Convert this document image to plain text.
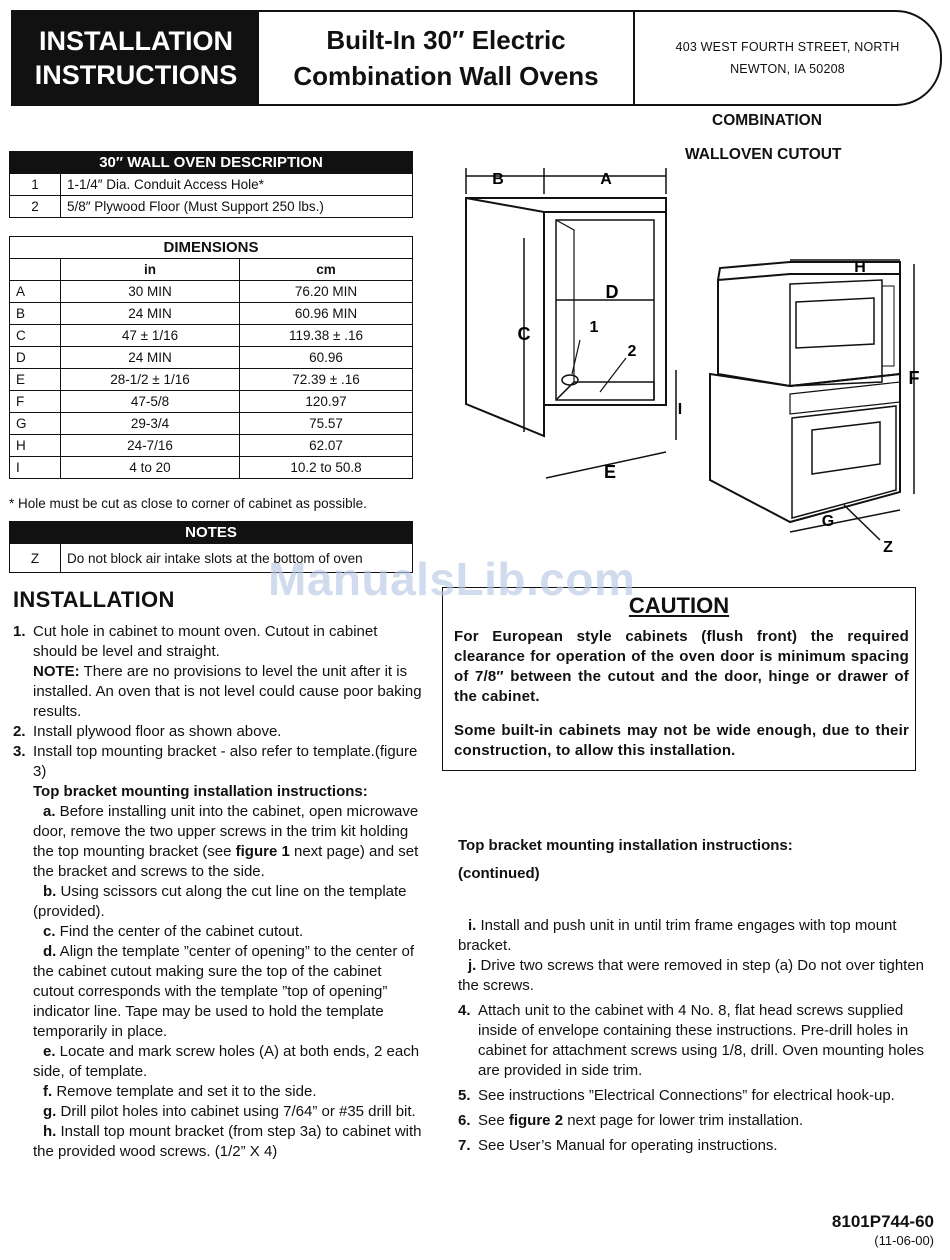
INSTALLATION
INSTRUCTIONS
Built-In 30″ Electric
Combination Wall Ovens
403 WEST FOURTH STREET, NORTH
NEWTON, IA 50208
30″ WALL OVEN DESCRIPTION	
1	1-1/4″ Dia. Conduit Access Hole*
2	5/8″ Plywood Floor (Must Support 250 lbs.)
DIMENSIONS		
	in	cm
A	30 MIN	76.20 MIN
B	24 MIN	60.96 MIN
C	47 ± 1/16	119.38 ± .16
D	24 MIN	60.96
E	28-1/2 ± 1/16	72.39 ± .16
F	47-5/8	120.97
G	29-3/4	75.57
H	24-7/16	62.07
I	4 to 20	10.2 to 50.8
* Hole must be cut as close to corner of cabinet as possible.
NOTES
Z	Do not block air intake slots at the bottom of oven
COMBINATION
WALLOVEN CUTOUT
B	A
C
D
E
I
1
2
H
F
G
Z
INSTALLATION
1. Cut hole in cabinet to mount oven. Cutout in cabinet should be level and straight.
NOTE: There are no provisions to level the unit after it is installed. An oven that is not level could cause poor baking results.
2. Install plywood floor as shown above.
3. Install top mounting bracket - also refer to template.(figure 3)
Top bracket mounting installation instructions:
a. Before installing unit into the cabinet, open microwave door, remove the two upper screws in the trim kit holding the top mounting bracket (see figure 1 next page) and set the bracket and screws to the side.
b. Using scissors cut along the cut line on the template (provided).
c. Find the center of the cabinet cutout.
d. Align the template ”center of opening” to the center of the cabinet cutout making sure the top of the cabinet cutout corresponds with the template ”top of opening” indicator line. Tape may be used to hold the template temporarily in place.
e. Locate and mark screw holes (A) at both ends, 2 each side, of template.
f. Remove template and set it to the side.
g. Drill pilot holes into cabinet using 7/64” or #35 drill bit.
h. Install top mount bracket (from step 3a) to cabinet with the provided wood screws. (1/2” X 4)
CAUTION

For European style cabinets (flush front) the required clearance for operation of the oven door is minimum spacing of 7/8″ between the cutout and the door, hinge or drawer of the cabinet.

Some built-in cabinets may not be wide enough, due to their construction, to allow this installation.

Top bracket mounting installation instructions:
(continued)
i. Install and push unit in until trim frame engages with top mount bracket.
j. Drive two screws that were removed in step (a) Do not over tighten the screws.
4. Attach unit to the cabinet with 4 No. 8, flat head screws supplied inside of envelope containing these instructions. Pre-drill holes in cabinet for attachment screws using 1/8, drill. Oven mounting holes are provided in side trim.
5. See instructions ”Electrical Connections” for electrical hook-up.
6. See figure 2 next page for lower trim installation.
7. See User’s Manual for operating instructions.
ManualsLib.com
8101P744-60
(11-06-00)
